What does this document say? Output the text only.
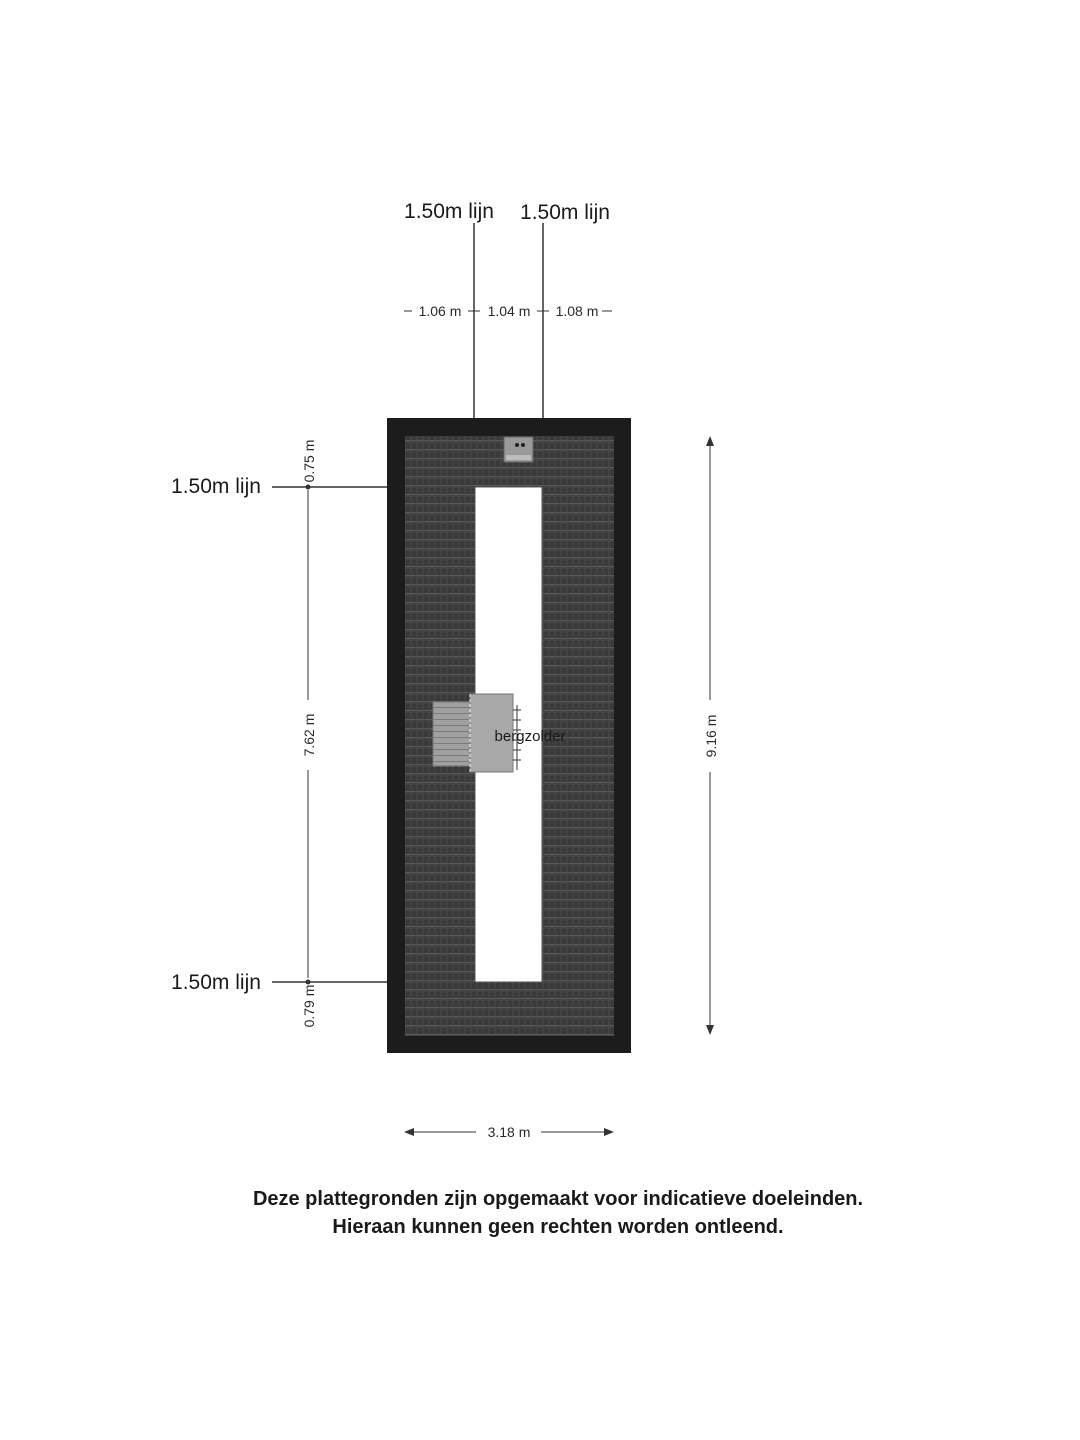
1.50m lijn 1.50m lijn
1.06 m 1.04 m 1.08 m
bergzolder
1.50m lijn
1.50m lijn
0.75 m
7.62 m
0.79 m
9.16 m
3.18 m
Deze plattegronden zijn opgemaakt voor indicatieve doeleinden.
Hieraan kunnen geen rechten worden ontleend.
